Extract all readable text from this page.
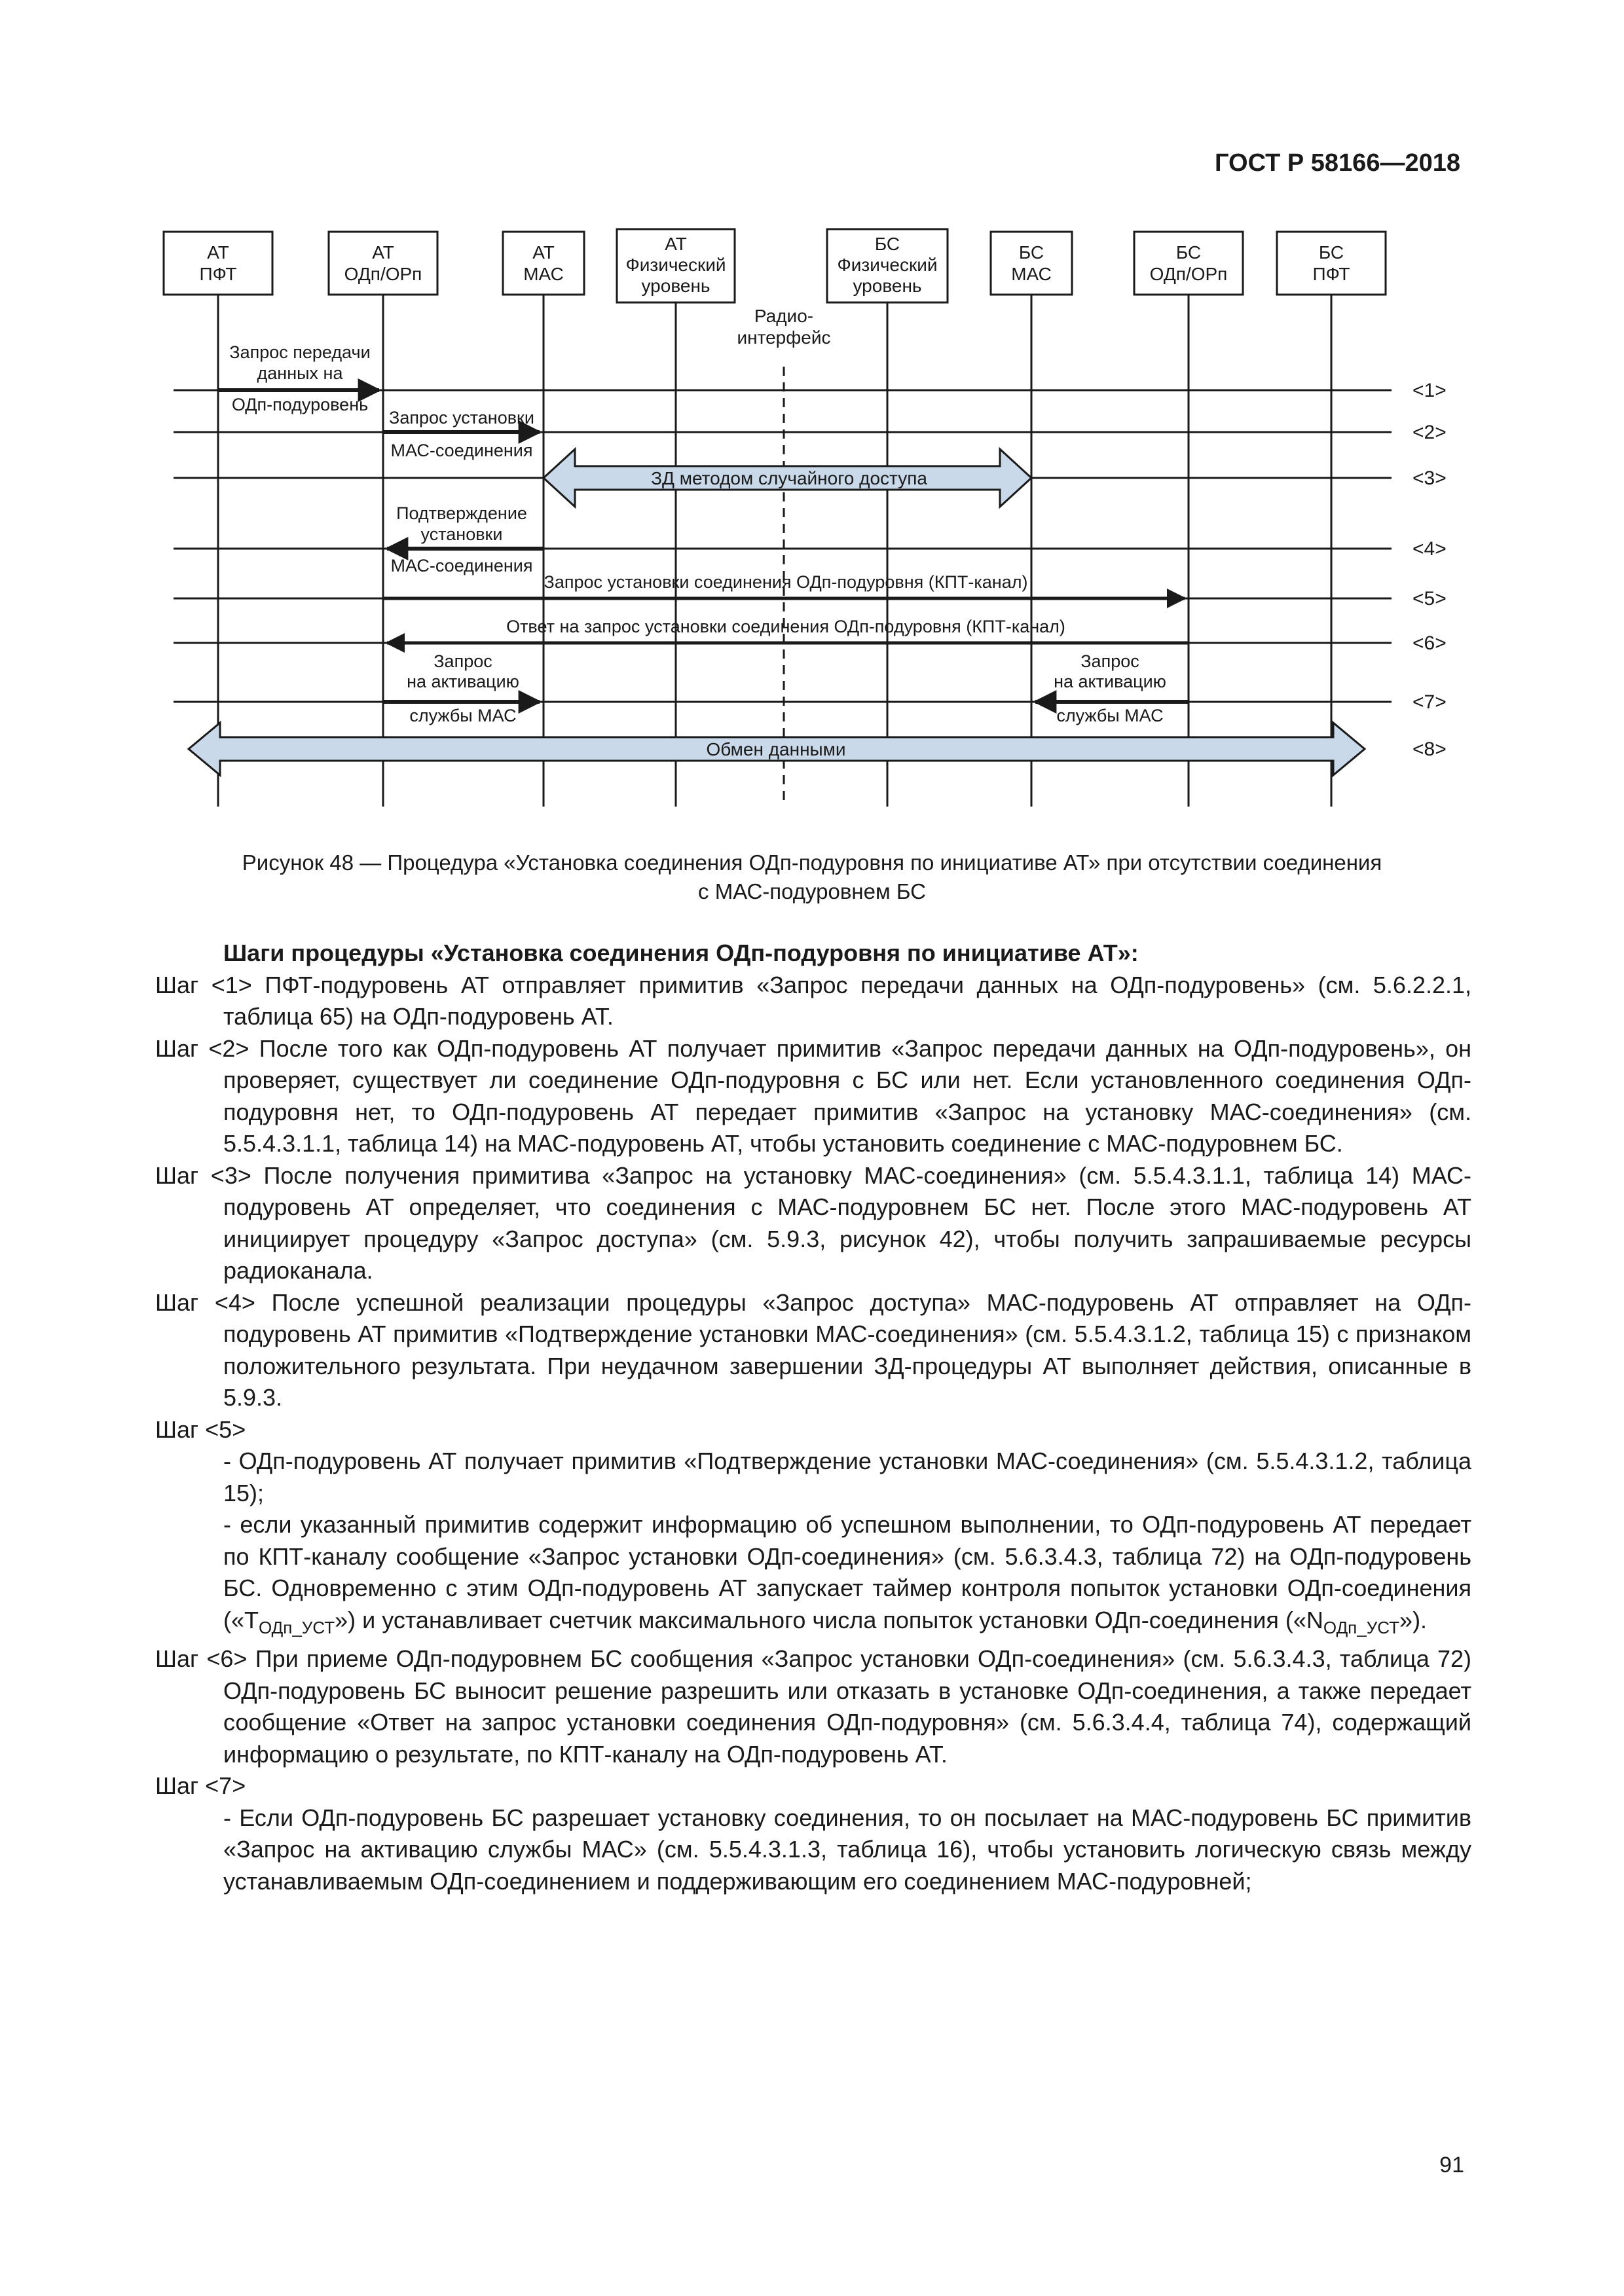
ГОСТ Р 58166—2018
АТ
ПФТ
АТ
ОДп/ОРп
АТ
МАС
АТ
Физический
уровень
БС
Физический
уровень
БС
МАС
БС
ОДп/ОРп
БС
ПФТ
Радио-
интерфейс
<1>
<2>
<3>
<4>
<5>
<6>
<7>
<8>
Запрос передачи
данных на
ОДп-подуровень
Запрос установки
МАС-соединения
ЗД методом случайного доступа
Подтверждение
установки
МАС-соединения
Запрос установки соединения ОДп-подуровня (КПТ-канал)
Ответ на запрос установки соединения ОДп-подуровня (КПТ-канал)
Запрос
на активацию
службы МАС
Запрос
на активацию
службы МАС
Обмен данными
Рисунок 48 — Процедура «Установка соединения ОДп-подуровня по инициативе АТ» при отсутствии соединения
с МАС-подуровнем БС

Шаги процедуры «Установка соединения ОДп-подуровня по инициативе АТ»:

Шаг <1> ПФТ-подуровень АТ отправляет примитив «Запрос передачи данных на ОДп-подуровень» (см. 5.6.2.2.1, таблица 65) на ОДп-подуровень АТ.

Шаг <2> После того как ОДп-подуровень АТ получает примитив «Запрос передачи данных на ОДп-подуровень», он проверяет, существует ли соединение ОДп-подуровня с БС или нет. Если установленного соединения ОДп-подуровня нет, то ОДп-подуровень АТ передает примитив «Запрос на установку МАС-соединения» (см. 5.5.4.3.1.1, таблица 14) на МАС-подуровень АТ, чтобы установить соединение с МАС-подуровнем БС.

Шаг <3> После получения примитива «Запрос на установку МАС-соединения» (см. 5.5.4.3.1.1, таблица 14) МАС-подуровень АТ определяет, что соединения с МАС-подуровнем БС нет. После этого МАС-подуровень АТ инициирует процедуру «Запрос доступа» (см. 5.9.3, рисунок 42), чтобы получить запрашиваемые ресурсы радиоканала.

Шаг <4> После успешной реализации процедуры «Запрос доступа» МАС-подуровень АТ отправляет на ОДп-подуровень АТ примитив «Подтверждение установки МАС-соединения» (см. 5.5.4.3.1.2, таблица 15) с признаком положительного результата. При неудачном завершении ЗД-процедуры АТ выполняет действия, описанные в 5.9.3.

Шаг <5>

- ОДп-подуровень АТ получает примитив «Подтверждение установки МАС-соединения» (см. 5.5.4.3.1.2, таблица 15);

- если указанный примитив содержит информацию об успешном выполнении, то ОДп-подуровень АТ передает по КПТ-каналу сообщение «Запрос установки ОДп-соединения» (см. 5.6.3.4.3, таблица 72) на ОДп-подуровень БС. Одновременно с этим ОДп-подуровень АТ запускает таймер контроля попыток установки ОДп-соединения $(«Т_{ОДп\_УСТ}»)$ и устанавливает счетчик максимального числа попыток установки ОДп-соединения $(«N_{ОДп\_УСТ}»)$.

Шаг <6> При приеме ОДп-подуровнем БС сообщения «Запрос установки ОДп-соединения» (см. 5.6.3.4.3, таблица 72) ОДп-подуровень БС выносит решение разрешить или отказать в установке ОДп-соединения, а также передает сообщение «Ответ на запрос установки соединения ОДп-подуровня» (см. 5.6.3.4.4, таблица 74), содержащий информацию о результате, по КПТ-каналу на ОДп-подуровень АТ.

Шаг <7>

- Если ОДп-подуровень БС разрешает установку соединения, то он посылает на МАС-подуровень БС примитив «Запрос на активацию службы МАС» (см. 5.5.4.3.1.3, таблица 16), чтобы установить логическую связь между устанавливаемым ОДп-соединением и поддерживающим его соединением МАС-подуровней;

91
